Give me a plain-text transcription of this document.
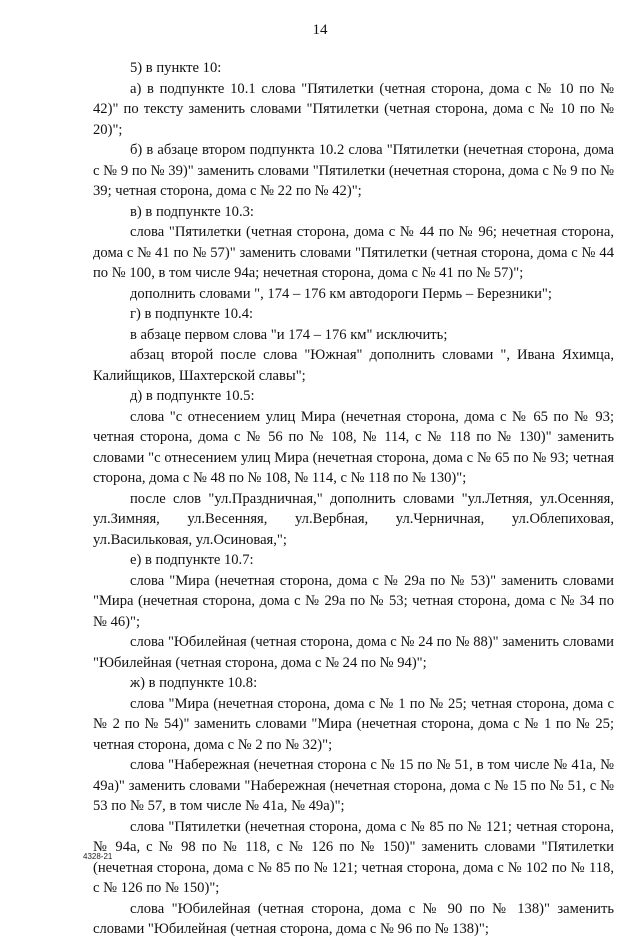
14

5) в пункте 10:

а) в подпункте 10.1 слова "Пятилетки (четная сторона, дома с № 10 по № 42)" по тексту заменить словами "Пятилетки (четная сторона, дома с № 10 по № 20)";

б) в абзаце втором подпункта 10.2 слова "Пятилетки (нечетная сторона, дома с № 9 по № 39)" заменить словами "Пятилетки (нечетная сторона, дома с № 9 по № 39; четная сторона, дома с № 22 по № 42)";

в) в подпункте 10.3:

слова "Пятилетки (четная сторона, дома с № 44 по № 96; нечетная сторона, дома с № 41 по № 57)" заменить словами "Пятилетки (четная сторона, дома с № 44 по № 100, в том числе 94а; нечетная сторона, дома с № 41 по № 57)";

дополнить словами ", 174 – 176 км автодороги Пермь – Березники";

г) в подпункте 10.4:

в абзаце первом слова "и 174 – 176 км" исключить;

абзац второй после слова "Южная" дополнить словами ", Ивана Яхимца, Калийщиков, Шахтерской славы";

д) в подпункте 10.5:

слова "с отнесением улиц Мира (нечетная сторона, дома с № 65 по № 93; четная сторона, дома с № 56 по № 108, № 114, с № 118 по № 130)" заменить словами "с отнесением улиц Мира (нечетная сторона, дома с № 65 по № 93; четная сторона, дома с № 48 по № 108, № 114, с № 118 по № 130)";

после слов "ул.Праздничная," дополнить словами "ул.Летняя, ул.Осенняя, ул.Зимняя, ул.Весенняя, ул.Вербная, ул.Черничная, ул.Облепиховая, ул.Васильковая, ул.Осиновая,";

е) в подпункте 10.7:

слова "Мира (нечетная сторона, дома с № 29а по № 53)" заменить словами "Мира (нечетная сторона, дома с № 29а по № 53; четная сторона, дома с № 34 по № 46)";

слова "Юбилейная (четная сторона, дома с № 24 по № 88)" заменить словами "Юбилейная (четная сторона, дома с № 24 по № 94)";

ж) в подпункте 10.8:

слова "Мира (нечетная сторона, дома с № 1 по № 25; четная сторона, дома с № 2 по № 54)" заменить словами "Мира (нечетная сторона, дома с № 1 по № 25; четная сторона, дома с № 2 по № 32)";

слова "Набережная (нечетная сторона с № 15 по № 51, в том числе № 41а, № 49а)" заменить словами "Набережная (нечетная сторона, дома с № 15 по № 51, с № 53 по № 57, в том числе № 41а, № 49а)";

слова "Пятилетки (нечетная сторона, дома с № 85 по № 121; четная сторона, № 94а, с № 98 по № 118, с № 126 по № 150)" заменить словами "Пятилетки (нечетная сторона, дома с № 85 по № 121; четная сторона, дома с № 102 по № 118, с № 126 по № 150)";

слова "Юбилейная (четная сторона, дома с № 90 по № 138)" заменить словами "Юбилейная (четная сторона, дома с № 96 по № 138)";

4328-21
